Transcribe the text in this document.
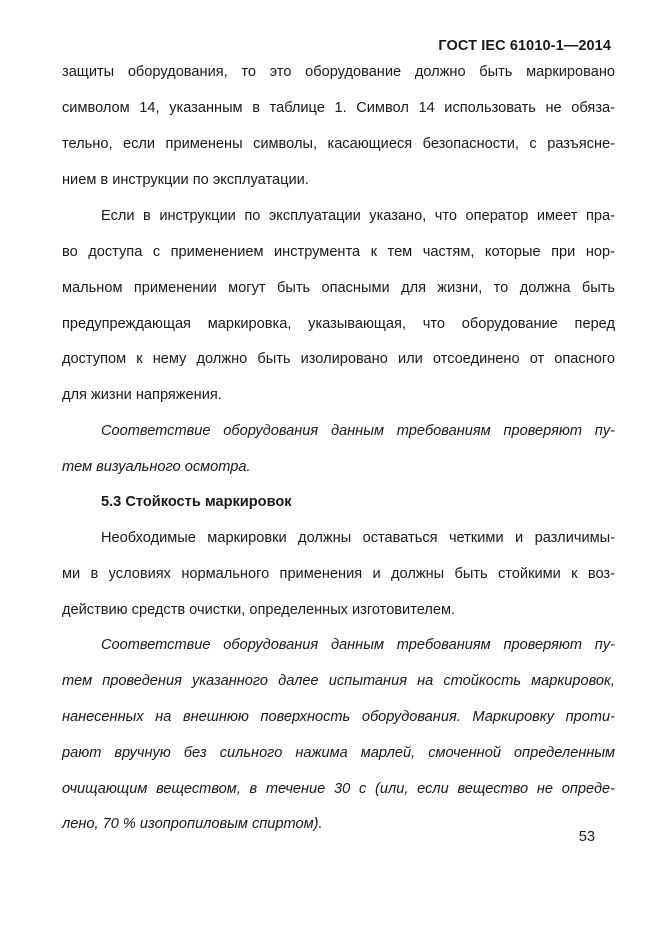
ГОСТ IEC 61010-1—2014
защиты оборудования, то это оборудование должно быть маркировано
символом 14, указанным в таблице 1. Символ 14 использовать не обяза-
тельно, если применены символы, касающиеся безопасности, с разъясне-
нием в инструкции по эксплуатации.
Если в инструкции по эксплуатации указано, что оператор имеет пра-
во доступа с применением инструмента к тем частям, которые при нор-
мальном применении могут быть опасными для жизни, то должна быть
предупреждающая маркировка, указывающая, что оборудование перед
доступом к нему должно быть изолировано или отсоединено от опасного
для жизни напряжения.
Соответствие оборудования данным требованиям проверяют пу-
тем визуального осмотра.
5.3 Стойкость маркировок
Необходимые маркировки должны оставаться четкими и различимы-
ми в условиях нормального применения и должны быть стойкими к воз-
действию средств очистки, определенных изготовителем.
Соответствие оборудования данным требованиям проверяют пу-
тем проведения указанного далее испытания на стойкость маркировок,
нанесенных на внешнюю поверхность оборудования. Маркировку проти-
рают вручную без сильного нажима марлей, смоченной определенным
очищающим веществом, в течение 30 с (или, если вещество не опреде-
лено, 70 % изопропиловым спиртом).
53
